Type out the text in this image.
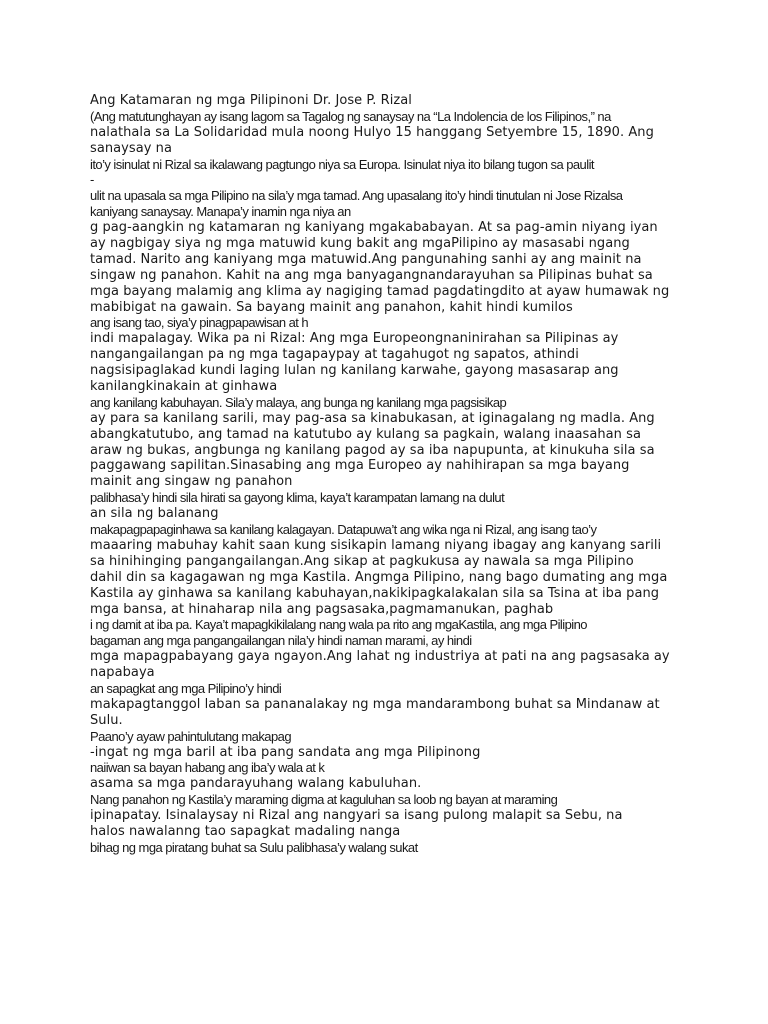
Ang Katamaran ng mga Pilipinoni Dr. Jose P. Rizal
(Ang matutunghayan ay isang lagom sa Tagalog ng sanaysay na “La Indolencia de los Filipinos,” na
nalathala sa La Solidaridad mula noong Hulyo 15 hanggang Setyembre 15, 1890. Ang
sanaysay na
ito’y isinulat ni Rizal sa ikalawang pagtungo niya sa Europa. Isinulat niya ito bilang tugon sa paulit
-
ulit na upasala sa mga Pilipino na sila’y mga tamad. Ang upasalang ito’y hindi tinutulan ni Jose Rizalsa
kaniyang sanaysay. Manapa’y inamin nga niya an
g pag-aangkin ng katamaran ng kaniyang mgakababayan. At sa pag-amin niyang iyan
ay nagbigay siya ng mga matuwid kung bakit ang mgaPilipino ay masasabi ngang
tamad. Narito ang kaniyang mga matuwid.Ang pangunahing sanhi ay ang mainit na
singaw ng panahon. Kahit na ang mga banyagangnandarayuhan sa Pilipinas buhat sa
mga bayang malamig ang klima ay nagiging tamad pagdatingdito at ayaw humawak ng
mabibigat na gawain. Sa bayang mainit ang panahon, kahit hindi kumilos
ang isang tao, siya’y pinagpapawisan at h
indi mapalagay. Wika pa ni Rizal: Ang mga Europeongnaninirahan sa Pilipinas ay
nangangailangan pa ng mga tagapaypay at tagahugot ng sapatos, athindi
nagsisipaglakad kundi laging lulan ng kanilang karwahe, gayong masasarap ang
kanilangkinakain at ginhawa
ang kanilang kabuhayan. Sila’y malaya, ang bunga ng kanilang mga pagsisikap
ay para sa kanilang sarili, may pag-asa sa kinabukasan, at iginagalang ng madla. Ang
abangkatutubo, ang tamad na katutubo ay kulang sa pagkain, walang inaasahan sa
araw ng bukas, angbunga ng kanilang pagod ay sa iba napupunta, at kinukuha sila sa
paggawang sapilitan.Sinasabing ang mga Europeo ay nahihirapan sa mga bayang
mainit ang singaw ng panahon
palibhasa’y hindi sila hirati sa gayong klima, kaya’t karampatan lamang na dulut
an sila ng balanang
makapagpapaginhawa sa kanilang kalagayan. Datapuwa’t ang wika nga ni Rizal, ang isang tao’y
maaaring mabuhay kahit saan kung sisikapin lamang niyang ibagay ang kanyang sarili
sa hinihinging pangangailangan.Ang sikap at pagkukusa ay nawala sa mga Pilipino
dahil din sa kagagawan ng mga Kastila. Angmga Pilipino, nang bago dumating ang mga
Kastila ay ginhawa sa kanilang kabuhayan,nakikipagkalakalan sila sa Tsina at iba pang
mga bansa, at hinaharap nila ang pagsasaka,pagmamanukan, paghab
i ng damit at iba pa. Kaya’t mapagkikilalang nang wala pa rito ang mgaKastila, ang mga Pilipino
bagaman ang mga pangangailangan nila’y hindi naman marami, ay hindi
mga mapagpabayang gaya ngayon.Ang lahat ng industriya at pati na ang pagsasaka ay
napabaya
an sapagkat ang mga Pilipino’y hindi
makapagtanggol laban sa pananalakay ng mga mandarambong buhat sa Mindanaw at
Sulu.
Paano’y ayaw pahintulutang makapag
-ingat ng mga baril at iba pang sandata ang mga Pilipinong
naiiwan sa bayan habang ang iba’y wala at k
asama sa mga pandarayuhang walang kabuluhan.
Nang panahon ng Kastila’y maraming digma at kaguluhan sa loob ng bayan at maraming
ipinapatay. Isinalaysay ni Rizal ang nangyari sa isang pulong malapit sa Sebu, na
halos nawalanng tao sapagkat madaling nanga
bihag ng mga piratang buhat sa Sulu palibhasa’y walang sukat
